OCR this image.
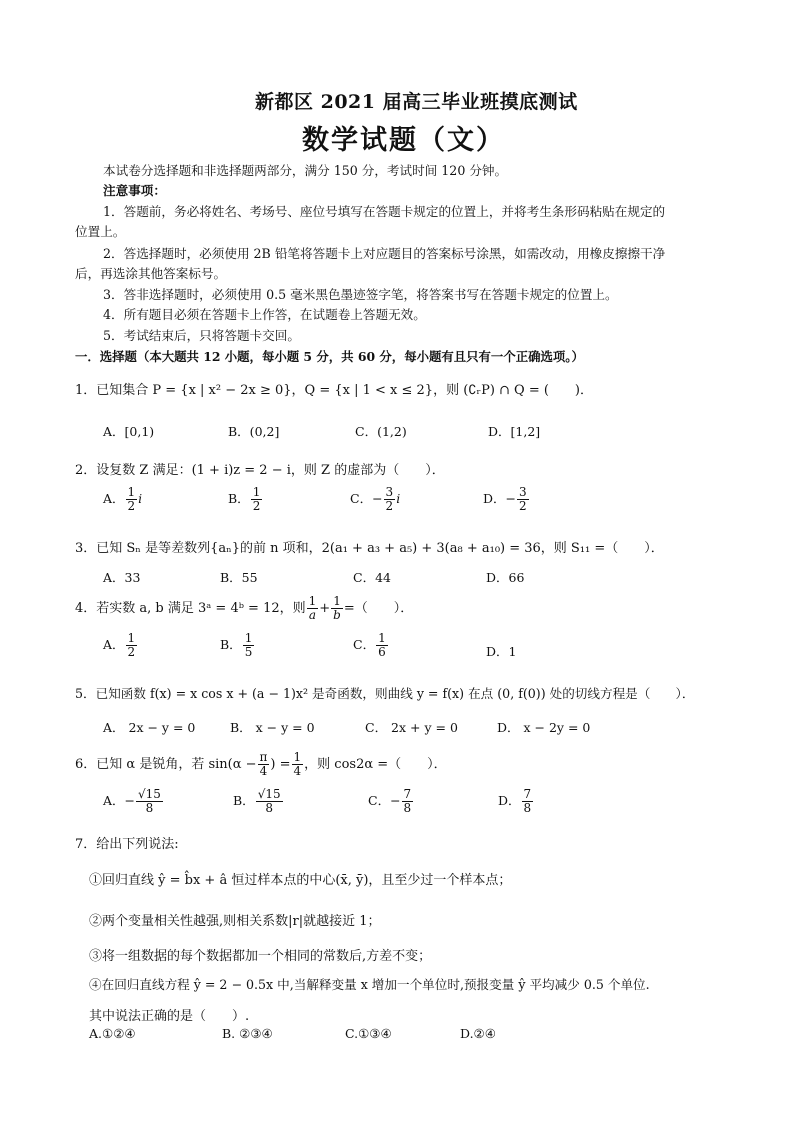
新都区 2021 届高三毕业班摸底测试
数学试题（文）
本试卷分选择题和非选择题两部分，满分 150 分，考试时间 120 分钟。
注意事项：
1．答题前，务必将姓名、考场号、座位号填写在答题卡规定的位置上，并将考生条形码粘贴在规定的
位置上。
2．答选择题时，必须使用 2B 铅笔将答题卡上对应题目的答案标号涂黑，如需改动，用橡皮擦擦干净
后，再选涂其他答案标号。
3．答非选择题时，必须使用 0.5 毫米黑色墨迹签字笔，将答案书写在答题卡规定的位置上。
4．所有题目必须在答题卡上作答，在试题卷上答题无效。
5．考试结束后，只将答题卡交回。
一．选择题（本大题共 12 小题，每小题 5 分，共 60 分，每小题有且只有一个正确选项。）
1．已知集合 P = {x | x² − 2x ≥ 0}，Q = {x | 1 < x ≤ 2}，则 (∁ᵣP) ∩ Q = (　　)．
A．[0,1)	B．(0,2]	C．(1,2)	D．[1,2]
2．设复数 Z 满足：(1 + i)z = 2 − i，则 Z 的虚部为（　　）．
A． $\frac{1}{2}$ i	B． $\frac{1}{2}$	C．− $\frac{3}{2}$ i	D．− $\frac{3}{2}$
3．已知 Sₙ 是等差数列{aₙ}的前 n 项和，2(a₁ + a₃ + a₅) + 3(a₈ + a₁₀) = 36，则 S₁₁ =（　　）．
A．33	B．55	C．44	D．66
4．若实数 a, b 满足 3ᵃ = 4ᵇ = 12，则 $\frac{1}{a} + \frac{1}{b}$ =（　　）．
A． $\frac{1}{2}$	B． $\frac{1}{5}$	C． $\frac{1}{6}$	D．1
5．已知函数 f(x) = x cos x + (a − 1)x² 是奇函数，则曲线 y = f(x) 在点 (0, f(0)) 处的切线方程是（　　）．
A． 2x − y = 0	B． x − y = 0	C． 2x + y = 0	D． x − 2y = 0
6．已知 α 是锐角，若 $\sin(\alpha - \frac{\pi}{4}$ ) = $\frac{1}{4}$ ，则 cos2α =（　　）．
A．− $\frac{√15}{8}$	B． $\frac{√15}{8}$	C．− $\frac{7}{8}$	D． $\frac{7}{8}$
7．给出下列说法:
①回归直线 ŷ = b̂x + â 恒过样本点的中心(x̄, ȳ)，且至少过一个样本点；
②两个变量相关性越强,则相关系数|r|就越接近 1；
③将一组数据的每个数据都加一个相同的常数后,方差不变；
④在回归直线方程 ŷ = 2 − 0.5x 中,当解释变量 x 增加一个单位时,预报变量 ŷ 平均减少 0.5 个单位.
其中说法正确的是（　　）.
A.①②④	B. ②③④	C.①③④	D.②④
